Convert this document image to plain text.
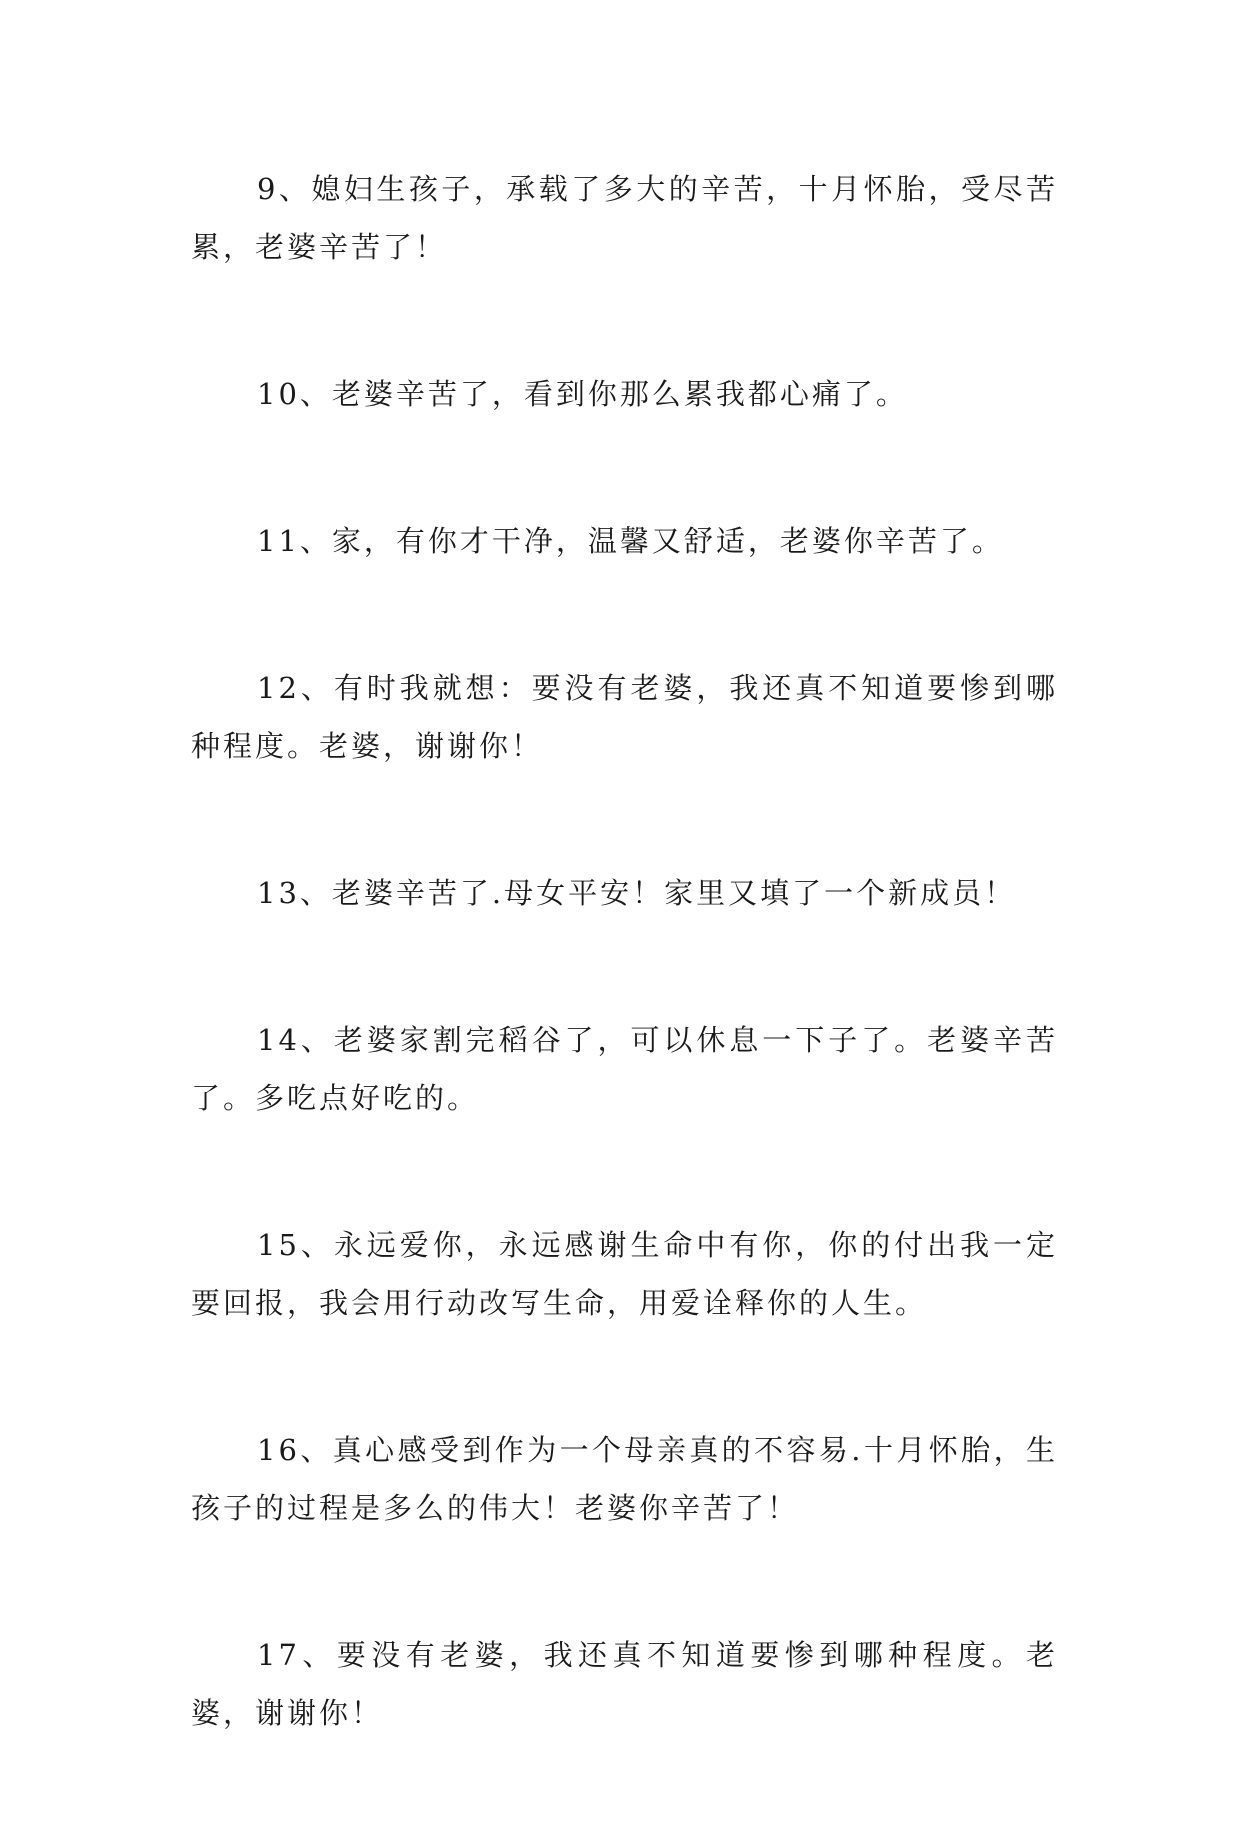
9、媳妇生孩子，承载了多大的辛苦，十月怀胎，受尽苦累，老婆辛苦了！

10、老婆辛苦了，看到你那么累我都心痛了。

11、家，有你才干净，温馨又舒适，老婆你辛苦了。

12、有时我就想：要没有老婆，我还真不知道要惨到哪种程度。老婆，谢谢你！

13、老婆辛苦了.母女平安！家里又填了一个新成员！

14、老婆家割完稻谷了，可以休息一下子了。老婆辛苦了。多吃点好吃的。

15、永远爱你，永远感谢生命中有你，你的付出我一定要回报，我会用行动改写生命，用爱诠释你的人生。

16、真心感受到作为一个母亲真的不容易.十月怀胎，生孩子的过程是多么的伟大！老婆你辛苦了！

17、要没有老婆，我还真不知道要惨到哪种程度。老婆，谢谢你！
